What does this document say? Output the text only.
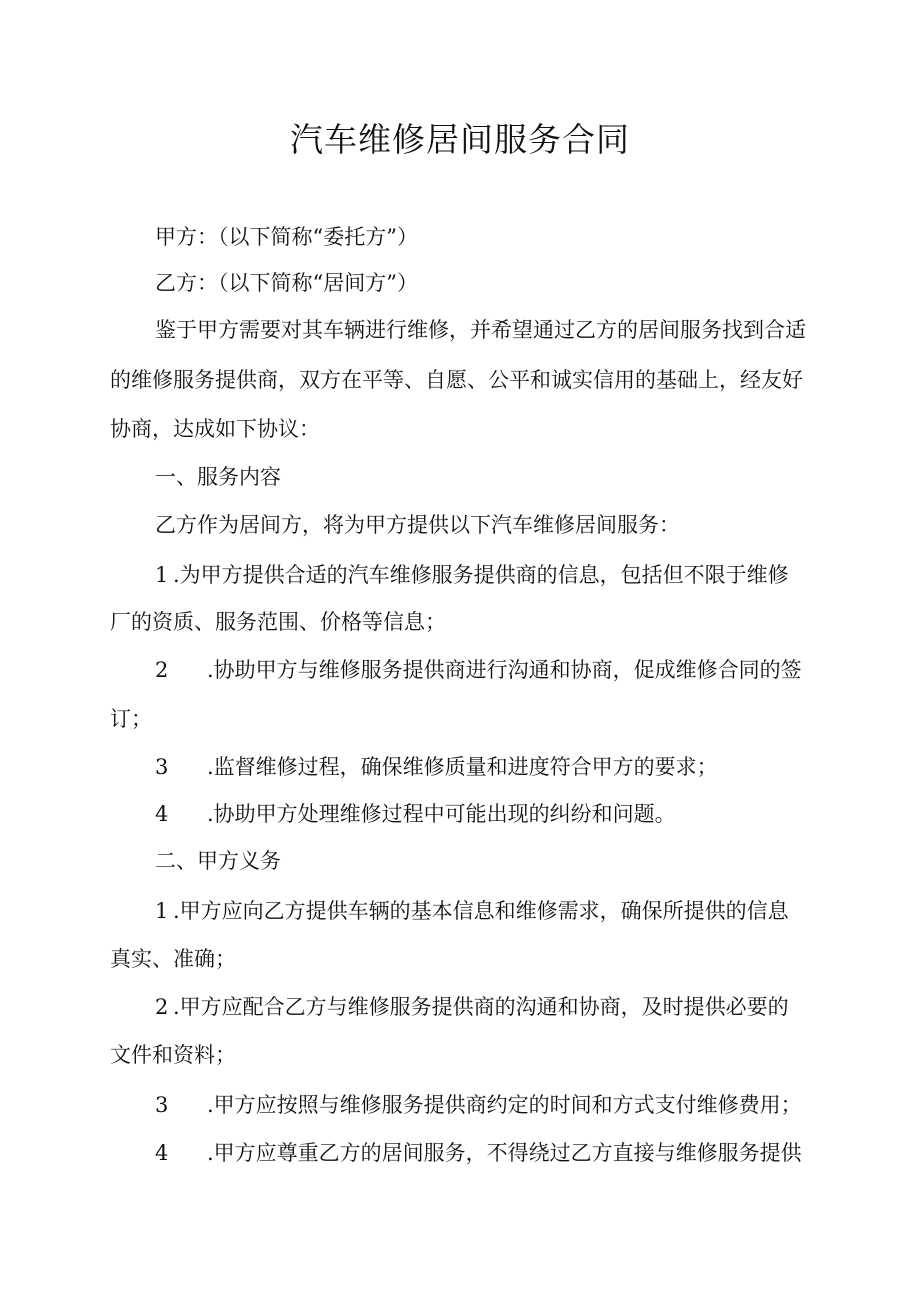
汽车维修居间服务合同

甲方：（以下简称“委托方”）

乙方：（以下简称“居间方”）

鉴于甲方需要对其车辆进行维修，并希望通过乙方的居间服务找到合适

的维修服务提供商，双方在平等、自愿、公平和诚实信用的基础上，经友好

协商，达成如下协议：

一、服务内容

乙方作为居间方，将为甲方提供以下汽车维修居间服务：

1 .为甲方提供合适的汽车维修服务提供商的信息，包括但不限于维修

厂的资质、服务范围、价格等信息；

2 .协助甲方与维修服务提供商进行沟通和协商，促成维修合同的签

订；

3 .监督维修过程，确保维修质量和进度符合甲方的要求；

4 .协助甲方处理维修过程中可能出现的纠纷和问题。

二、甲方义务

1 .甲方应向乙方提供车辆的基本信息和维修需求，确保所提供的信息

真实、准确；

2 .甲方应配合乙方与维修服务提供商的沟通和协商，及时提供必要的

文件和资料；

3 .甲方应按照与维修服务提供商约定的时间和方式支付维修费用；

4 .甲方应尊重乙方的居间服务，不得绕过乙方直接与维修服务提供
